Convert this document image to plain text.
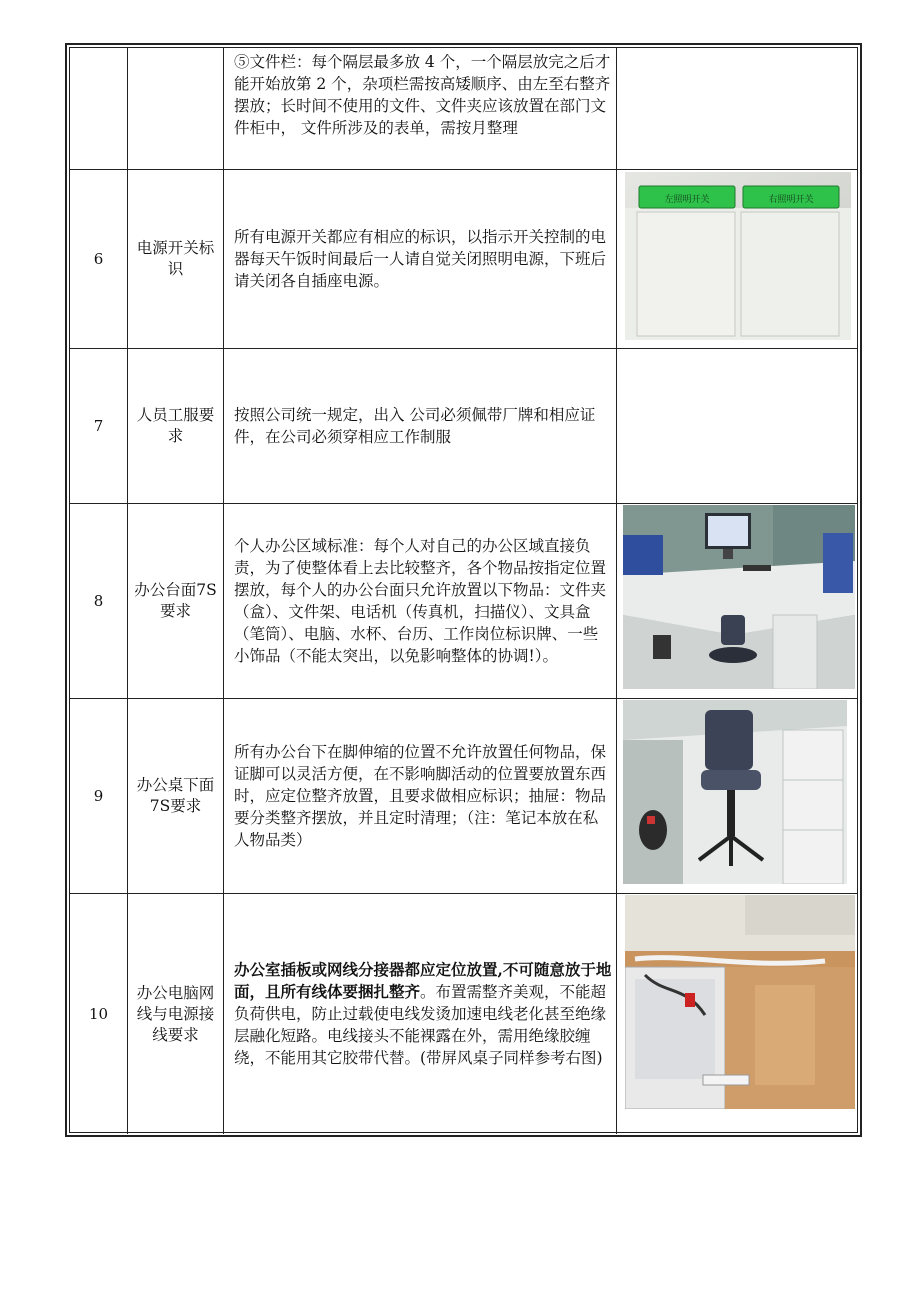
⑤文件栏：每个隔层最多放 4 个，一个隔层放完之后才能开始放第 2 个，杂项栏需按高矮顺序、由左至右整齐摆放；长时间不使用的文件、文件夹应该放置在部门文件柜中， 文件所涉及的表单，需按月整理

6
电源开关标识

所有电源开关都应有相应的标识，以指示开关控制的电器每天午饭时间最后一人请自觉关闭照明电源，下班后请关闭各自插座电源。

左照明开关	右照明开关
7
人员工服要求

按照公司统一规定，出入 公司必须佩带厂牌和相应证件，在公司必须穿相应工作制服

8
办公台面7S要求

个人办公区域标准：每个人对自己的办公区域直接负责，为了使整体看上去比较整齐，各个物品按指定位置摆放，每个人的办公台面只允许放置以下物品：文件夹（盒）、文件架、电话机（传真机，扫描仪）、文具盒（笔筒）、电脑、水杯、台历、工作岗位标识牌、一些小饰品（不能太突出，以免影响整体的协调!）。

9
办公桌下面7S要求

所有办公台下在脚伸缩的位置不允许放置任何物品，保证脚可以灵活方便，在不影响脚活动的位置要放置东西时，应定位整齐放置，且要求做相应标识；抽屉：物品要分类整齐摆放，并且定时清理；（注：笔记本放在私人物品类）

10
办公电脑网线与电源接线要求

办公室插板或网线分接器都应定位放置,不可随意放于地面，且所有线体要捆扎整齐。布置需整齐美观，不能超负荷供电，防止过载使电线发烫加速电线老化甚至绝缘层融化短路。电线接头不能裸露在外，需用绝缘胶缠绕，不能用其它胶带代替。(带屏风桌子同样参考右图)
